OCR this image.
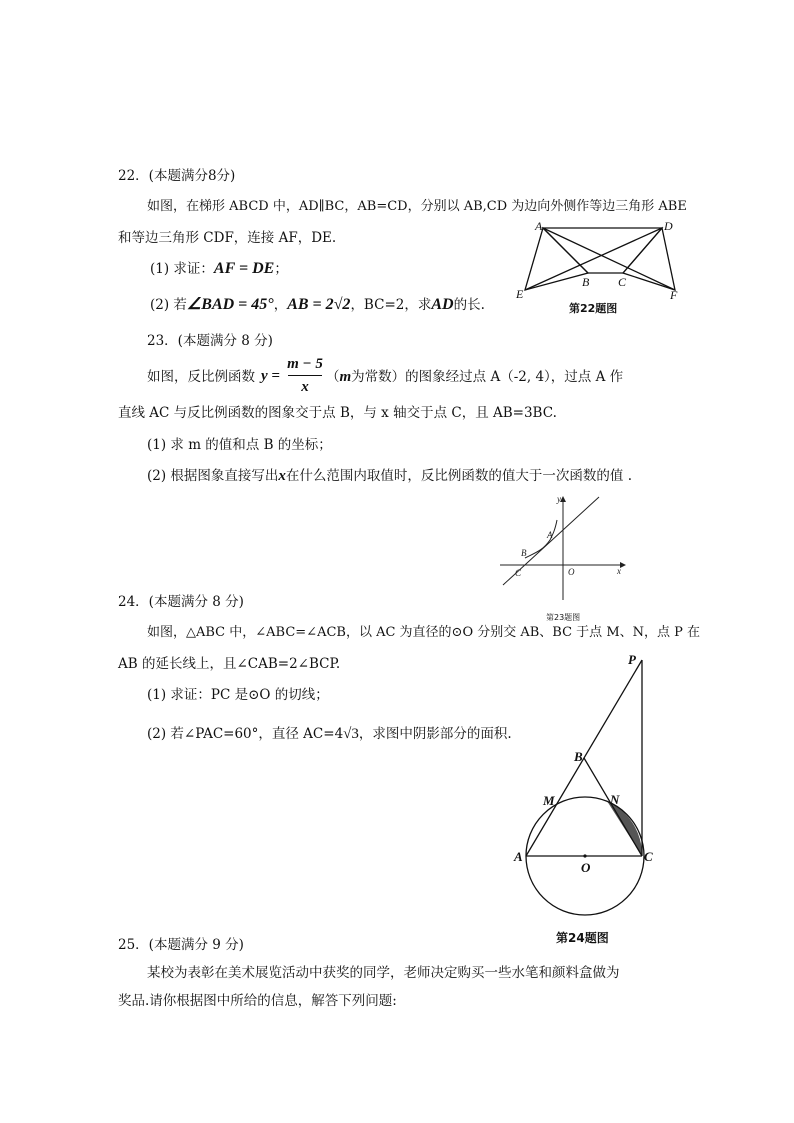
22．(本题满分8分)
如图，在梯形 ABCD 中，AD∥BC，AB=CD，分别以 AB,CD 为边向外侧作等边三角形 ABE
和等边三角形 CDF，连接 AF，DE.
(1) 求证：AF = DE；
(2) 若∠BAD = 45°，AB = 2√2，BC=2，求AD的长.
A	D
B C
E	F
第22题图
23．(本题满分 8 分)
如图，反比例函数 y =
m − 5
x
（m为常数）的图象经过点 A（-2, 4），过点 A 作
直线 AC 与反比例函数的图象交于点 B，与 x 轴交于点 C，且 AB=3BC.
(1) 求 m 的值和点 B 的坐标；
(2) 根据图象直接写出x在什么范围内取值时，反比例函数的值大于一次函数的值 .
y
x
A
B
C	O
第23题图
24．(本题满分 8 分)
如图，△ABC 中，∠ABC=∠ACB，以 AC 为直径的⊙O 分别交 AB、BC 于点 M、N，点 P 在
AB 的延长线上，且∠CAB=2∠BCP.
(1) 求证：PC 是⊙O 的切线；
(2) 若∠PAC=60°，直径 AC=4√3，求图中阴影部分的面积.
P
B
M	N
A
O
C
第24题图
25．(本题满分 9 分)
某校为表彰在美术展览活动中获奖的同学，老师决定购买一些水笔和颜料盒做为
奖品.请你根据图中所给的信息，解答下列问题:
